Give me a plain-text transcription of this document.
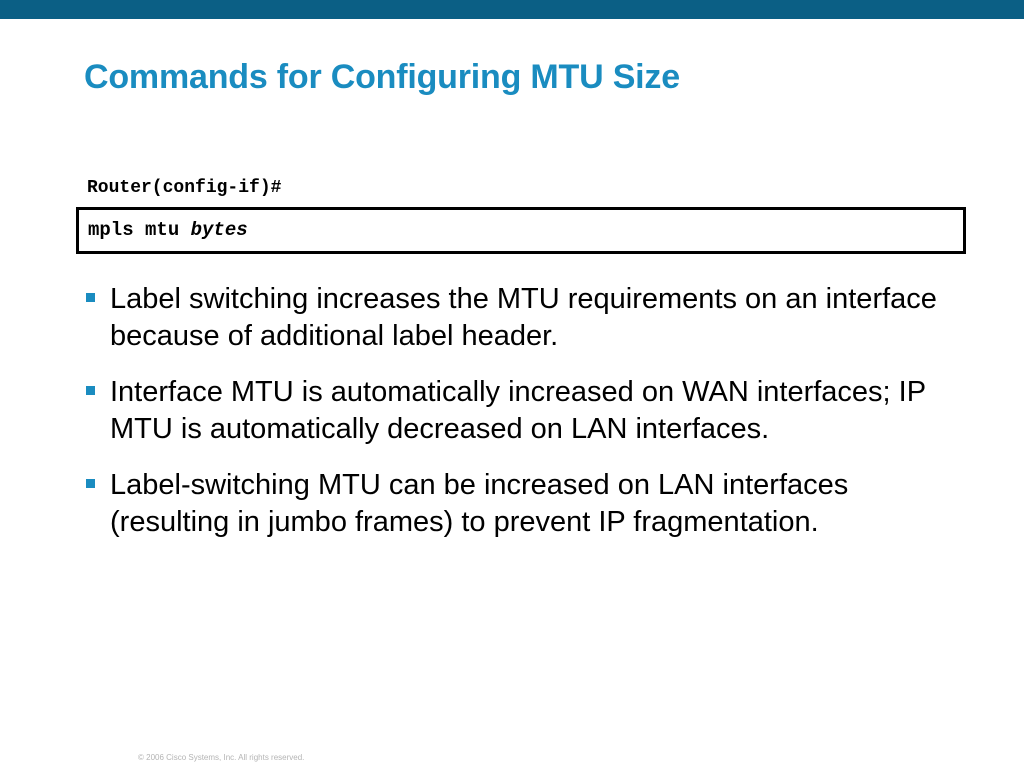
Commands for Configuring MTU Size
Router(config-if)#
mpls mtu bytes
Label switching increases the MTU requirements on an interface because of additional label header.
Interface MTU is automatically increased on WAN interfaces; IP MTU is automatically decreased on LAN interfaces.
Label-switching MTU can be increased on LAN interfaces (resulting in jumbo frames) to prevent IP fragmentation.
© 2006 Cisco Systems, Inc. All rights reserved.
